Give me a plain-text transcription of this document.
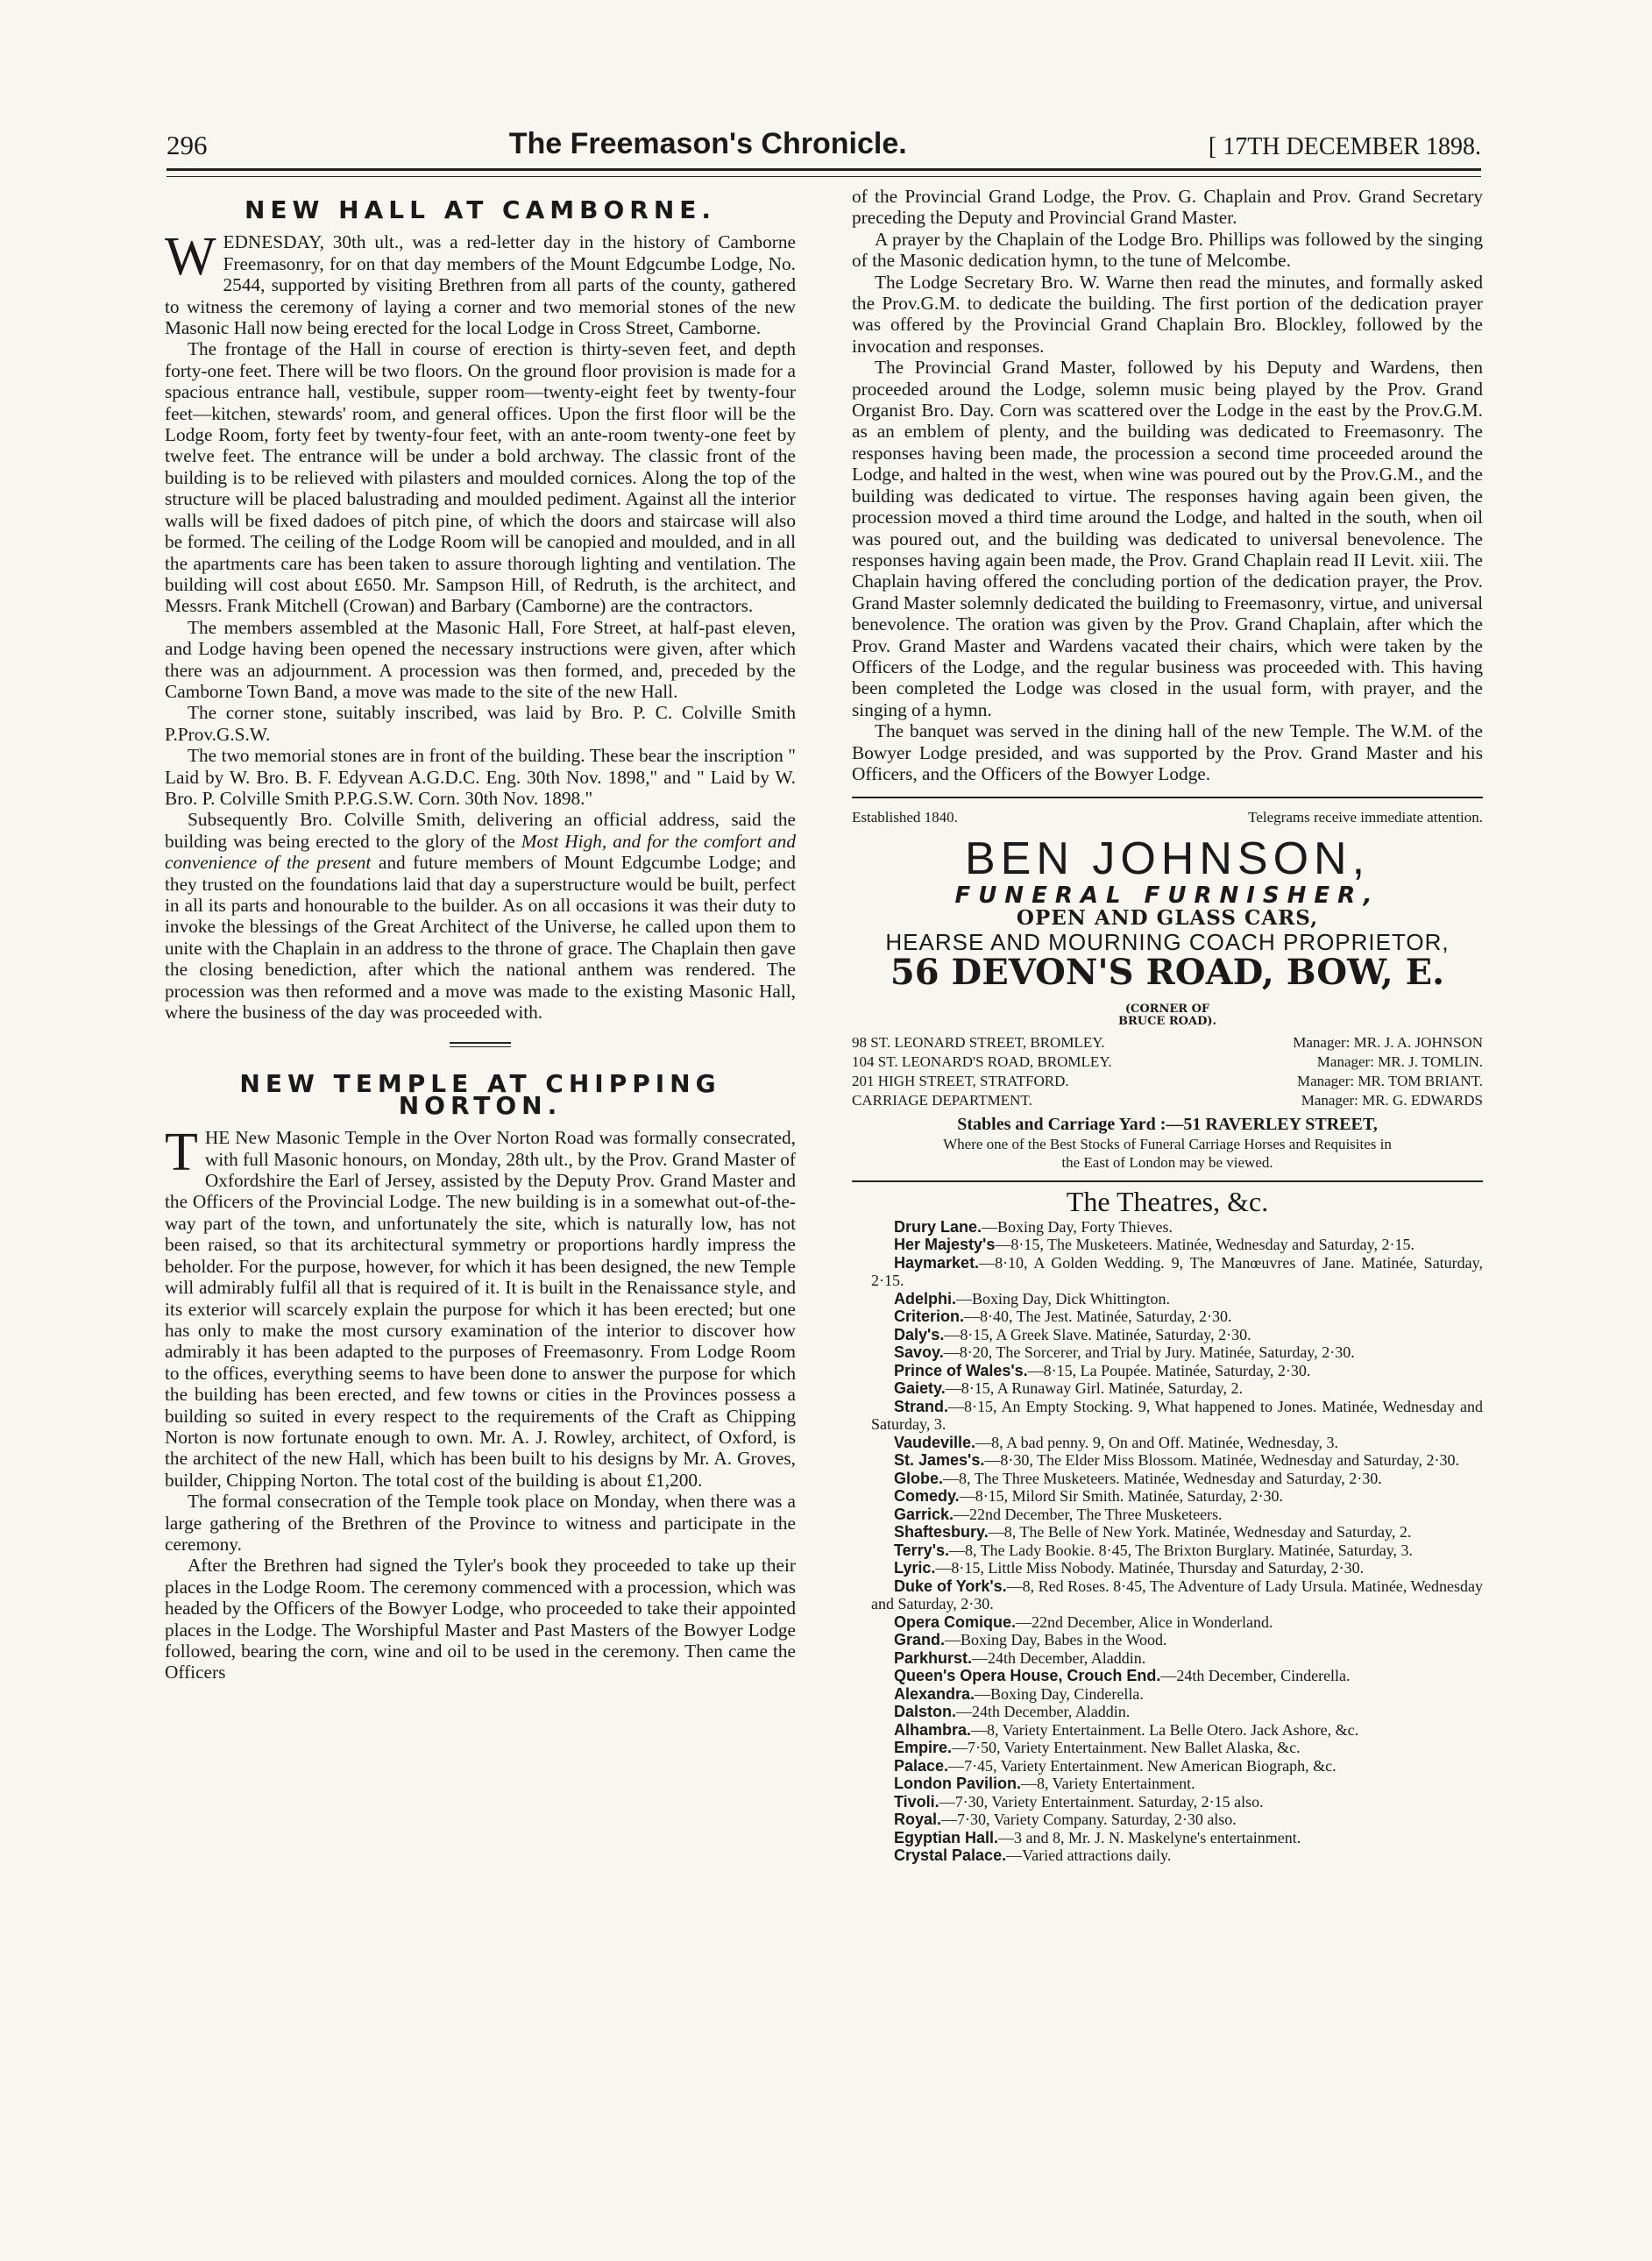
296	The Freemason's Chronicle.	[ 17TH DECEMBER 1898.
NEW HALL AT CAMBORNE.

WEDNESDAY, 30th ult., was a red-letter day in the history of Camborne Freemasonry, for on that day members of the Mount Edgcumbe Lodge, No. 2544, supported by visiting Brethren from all parts of the county, gathered to witness the ceremony of laying a corner and two memorial stones of the new Masonic Hall now being erected for the local Lodge in Cross Street, Camborne.

The frontage of the Hall in course of erection is thirty-seven feet, and depth forty-one feet. There will be two floors. On the ground floor provision is made for a spacious entrance hall, vestibule, supper room—twenty-eight feet by twenty-four feet—kitchen, stewards' room, and general offices. Upon the first floor will be the Lodge Room, forty feet by twenty-four feet, with an ante-room twenty-one feet by twelve feet. The entrance will be under a bold archway. The classic front of the building is to be relieved with pilasters and moulded cornices. Along the top of the structure will be placed balustrading and moulded pediment. Against all the interior walls will be fixed dadoes of pitch pine, of which the doors and staircase will also be formed. The ceiling of the Lodge Room will be canopied and moulded, and in all the apartments care has been taken to assure thorough lighting and ventilation. The building will cost about £650. Mr. Sampson Hill, of Redruth, is the architect, and Messrs. Frank Mitchell (Crowan) and Barbary (Camborne) are the contractors.

The members assembled at the Masonic Hall, Fore Street, at half-past eleven, and Lodge having been opened the necessary instructions were given, after which there was an adjournment. A procession was then formed, and, preceded by the Camborne Town Band, a move was made to the site of the new Hall.

The corner stone, suitably inscribed, was laid by Bro. P. C. Colville Smith P.Prov.G.S.W.

The two memorial stones are in front of the building. These bear the inscription " Laid by W. Bro. B. F. Edyvean A.G.D.C. Eng. 30th Nov. 1898," and " Laid by W. Bro. P. Colville Smith P.P.G.S.W. Corn. 30th Nov. 1898."

Subsequently Bro. Colville Smith, delivering an official address, said the building was being erected to the glory of the Most High, and for the comfort and convenience of the present and future members of Mount Edgcumbe Lodge; and they trusted on the foundations laid that day a superstructure would be built, perfect in all its parts and honourable to the builder. As on all occasions it was their duty to invoke the blessings of the Great Architect of the Universe, he called upon them to unite with the Chaplain in an address to the throne of grace. The Chaplain then gave the closing benediction, after which the national anthem was rendered. The procession was then reformed and a move was made to the existing Masonic Hall, where the business of the day was proceeded with.

NEW TEMPLE AT CHIPPING NORTON.

THE New Masonic Temple in the Over Norton Road was formally consecrated, with full Masonic honours, on Monday, 28th ult., by the Prov. Grand Master of Oxfordshire the Earl of Jersey, assisted by the Deputy Prov. Grand Master and the Officers of the Provincial Lodge. The new building is in a somewhat out-of-the-way part of the town, and unfortunately the site, which is naturally low, has not been raised, so that its architectural symmetry or proportions hardly impress the beholder. For the purpose, however, for which it has been designed, the new Temple will admirably fulfil all that is required of it. It is built in the Renaissance style, and its exterior will scarcely explain the purpose for which it has been erected; but one has only to make the most cursory examination of the interior to discover how admirably it has been adapted to the purposes of Freemasonry. From Lodge Room to the offices, everything seems to have been done to answer the purpose for which the building has been erected, and few towns or cities in the Provinces possess a building so suited in every respect to the requirements of the Craft as Chipping Norton is now fortunate enough to own. Mr. A. J. Rowley, architect, of Oxford, is the architect of the new Hall, which has been built to his designs by Mr. A. Groves, builder, Chipping Norton. The total cost of the building is about £1,200.

The formal consecration of the Temple took place on Monday, when there was a large gathering of the Brethren of the Province to witness and participate in the ceremony.

After the Brethren had signed the Tyler's book they proceeded to take up their places in the Lodge Room. The ceremony commenced with a procession, which was headed by the Officers of the Bowyer Lodge, who proceeded to take their appointed places in the Lodge. The Worshipful Master and Past Masters of the Bowyer Lodge followed, bearing the corn, wine and oil to be used in the ceremony. Then came the Officers

of the Provincial Grand Lodge, the Prov. G. Chaplain and Prov. Grand Secretary preceding the Deputy and Provincial Grand Master.

A prayer by the Chaplain of the Lodge Bro. Phillips was followed by the singing of the Masonic dedication hymn, to the tune of Melcombe.

The Lodge Secretary Bro. W. Warne then read the minutes, and formally asked the Prov.G.M. to dedicate the building. The first portion of the dedication prayer was offered by the Provincial Grand Chaplain Bro. Blockley, followed by the invocation and responses.

The Provincial Grand Master, followed by his Deputy and Wardens, then proceeded around the Lodge, solemn music being played by the Prov. Grand Organist Bro. Day. Corn was scattered over the Lodge in the east by the Prov.G.M. as an emblem of plenty, and the building was dedicated to Freemasonry. The responses having been made, the procession a second time proceeded around the Lodge, and halted in the west, when wine was poured out by the Prov.G.M., and the building was dedicated to virtue. The responses having again been given, the procession moved a third time around the Lodge, and halted in the south, when oil was poured out, and the building was dedicated to universal benevolence. The responses having again been made, the Prov. Grand Chaplain read II Levit. xiii. The Chaplain having offered the concluding portion of the dedication prayer, the Prov. Grand Master solemnly dedicated the building to Freemasonry, virtue, and universal benevolence. The oration was given by the Prov. Grand Chaplain, after which the Prov. Grand Master and Wardens vacated their chairs, which were taken by the Officers of the Lodge, and the regular business was proceeded with. This having been completed the Lodge was closed in the usual form, with prayer, and the singing of a hymn.

The banquet was served in the dining hall of the new Temple. The W.M. of the Bowyer Lodge presided, and was supported by the Prov. Grand Master and his Officers, and the Officers of the Bowyer Lodge.

Established 1840.	Telegrams receive immediate attention.
BEN JOHNSON,
FUNERAL FURNISHER,
OPEN AND GLASS CARS,
HEARSE AND MOURNING COACH PROPRIETOR,
56 DEVON'S ROAD, BOW, E. (CORNER OF
BRUCE ROAD).
98 ST. LEONARD STREET, BROMLEY.	Manager: MR. J. A. JOHNSON
104 ST. LEONARD'S ROAD, BROMLEY.	Manager: MR. J. TOMLIN.
201 HIGH STREET, STRATFORD.	Manager: MR. TOM BRIANT.
CARRIAGE DEPARTMENT.	Manager: MR. G. EDWARDS
Stables and Carriage Yard :—51 RAVERLEY STREET,
Where one of the Best Stocks of Funeral Carriage Horses and Requisites in
the East of London may be viewed.
The Theatres, &c.

Drury Lane.—Boxing Day, Forty Thieves.

Her Majesty's—8·15, The Musketeers. Matinée, Wednesday and Saturday, 2·15.

Haymarket.—8·10, A Golden Wedding. 9, The Manœuvres of Jane. Matinée, Saturday, 2·15.

Adelphi.—Boxing Day, Dick Whittington.

Criterion.—8·40, The Jest. Matinée, Saturday, 2·30.

Daly's.—8·15, A Greek Slave. Matinée, Saturday, 2·30.

Savoy.—8·20, The Sorcerer, and Trial by Jury. Matinée, Saturday, 2·30.

Prince of Wales's.—8·15, La Poupée. Matinée, Saturday, 2·30.

Gaiety.—8·15, A Runaway Girl. Matinée, Saturday, 2.

Strand.—8·15, An Empty Stocking. 9, What happened to Jones. Matinée, Wednesday and Saturday, 3.

Vaudeville.—8, A bad penny. 9, On and Off. Matinée, Wednesday, 3.

St. James's.—8·30, The Elder Miss Blossom. Matinée, Wednesday and Saturday, 2·30.

Globe.—8, The Three Musketeers. Matinée, Wednesday and Saturday, 2·30.

Comedy.—8·15, Milord Sir Smith. Matinée, Saturday, 2·30.

Garrick.—22nd December, The Three Musketeers.

Shaftesbury.—8, The Belle of New York. Matinée, Wednesday and Saturday, 2.

Terry's.—8, The Lady Bookie. 8·45, The Brixton Burglary. Matinée, Saturday, 3.

Lyric.—8·15, Little Miss Nobody. Matinée, Thursday and Saturday, 2·30.

Duke of York's.—8, Red Roses. 8·45, The Adventure of Lady Ursula. Matinée, Wednesday and Saturday, 2·30.

Opera Comique.—22nd December, Alice in Wonderland.

Grand.—Boxing Day, Babes in the Wood.

Parkhurst.—24th December, Aladdin.

Queen's Opera House, Crouch End.—24th December, Cinderella.

Alexandra.—Boxing Day, Cinderella.

Dalston.—24th December, Aladdin.

Alhambra.—8, Variety Entertainment. La Belle Otero. Jack Ashore, &c.

Empire.—7·50, Variety Entertainment. New Ballet Alaska, &c.

Palace.—7·45, Variety Entertainment. New American Biograph, &c.

London Pavilion.—8, Variety Entertainment.

Tivoli.—7·30, Variety Entertainment. Saturday, 2·15 also.

Royal.—7·30, Variety Company. Saturday, 2·30 also.

Egyptian Hall.—3 and 8, Mr. J. N. Maskelyne's entertainment.

Crystal Palace.—Varied attractions daily.
